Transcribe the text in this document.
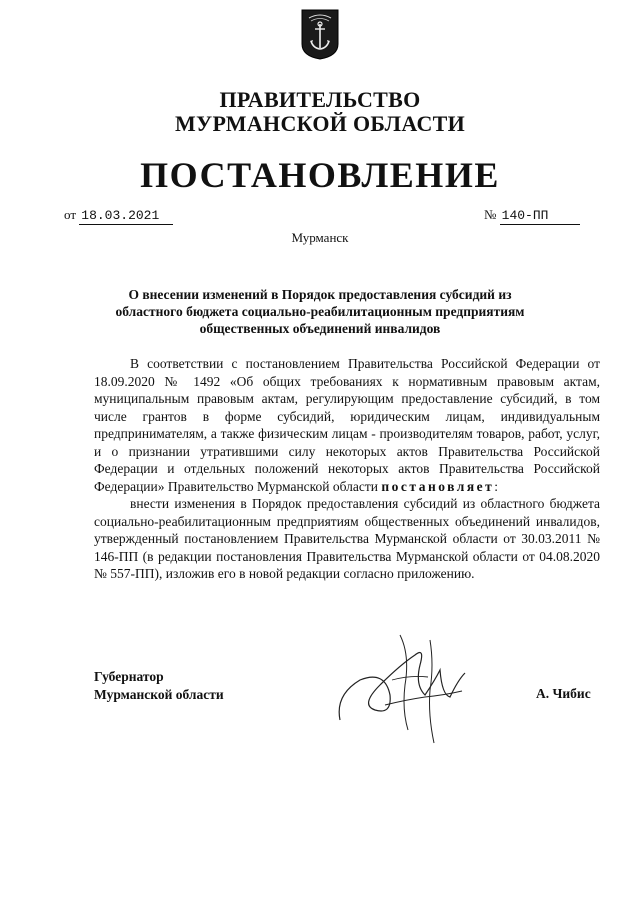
ПРАВИТЕЛЬСТВО
МУРМАНСКОЙ ОБЛАСТИ
ПОСТАНОВЛЕНИЕ
от 18.03.2021	№ 140-ПП
Мурманск
О внесении изменений в Порядок предоставления субсидий из областного бюджета социально-реабилитационным предприятиям общественных объединений инвалидов

В соответствии с постановлением Правительства Российской Федерации от 18.09.2020 № 1492 «Об общих требованиях к нормативным правовым актам, муниципальным правовым актам, регулирующим предоставление субсидий, в том числе грантов в форме субсидий, юридическим лицам, индивидуальным предпринимателям, а также физическим лицам - производителям товаров, работ, услуг, и о признании утратившими силу некоторых актов Правительства Российской Федерации и отдельных положений некоторых актов Правительства Российской Федерации» Правительство Мурманской области постановляет:

внести изменения в Порядок предоставления субсидий из областного бюджета социально-реабилитационным предприятиям общественных объединений инвалидов, утвержденный постановлением Правительства Мурманской области от 30.03.2011 № 146-ПП (в редакции постановления Правительства Мурманской области от 04.08.2020 № 557-ПП), изложив его в новой редакции согласно приложению.

Губернатор
Мурманской области	А. Чибис
